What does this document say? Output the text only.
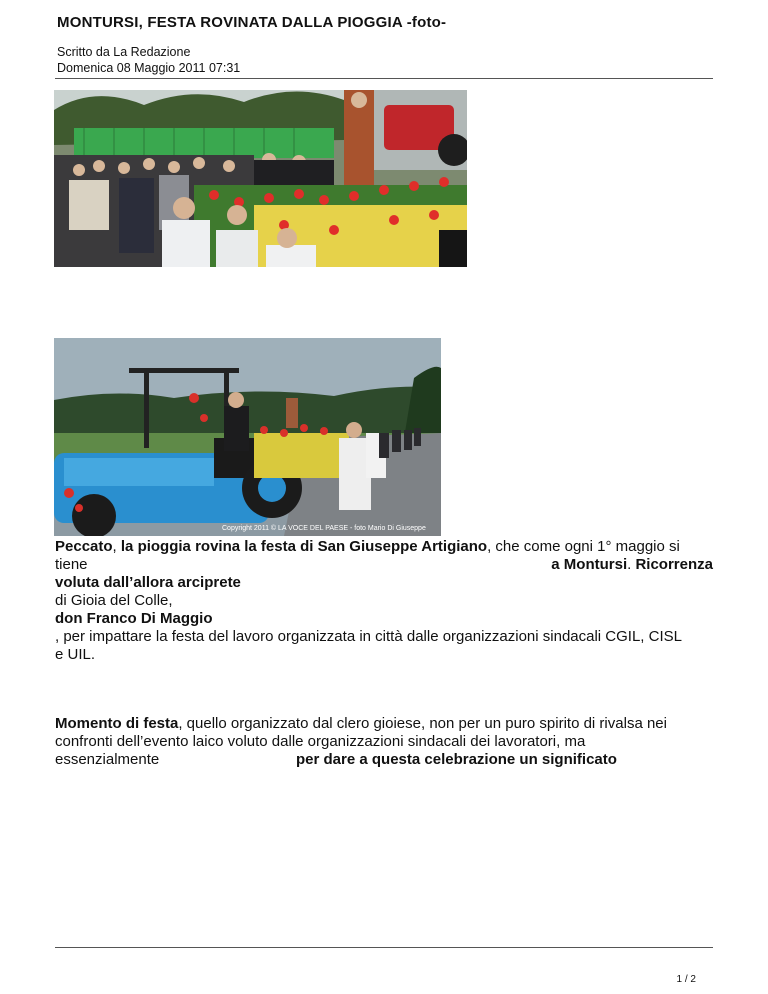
MONTURSI, FESTA ROVINATA DALLA PIOGGIA -foto-
Scritto da La Redazione
Domenica 08 Maggio 2011 07:31
Copyright 2011 © LA VOCE DEL PAESE - foto Mario Di Giuseppe
Peccato, la pioggia rovina la festa di San Giuseppe Artigiano, che come ogni 1° maggio si
tiene	a Montursi. Ricorrenza
voluta dall’allora arciprete
di Gioia del Colle,
don Franco Di Maggio
, per impattare la festa del lavoro organizzata in città dalle organizzazioni sindacali CGIL, CISL
e UIL.
Momento di festa, quello organizzato dal clero gioiese, non per un puro spirito di rivalsa nei
confronti dell’evento laico voluto dalle organizzazioni sindacali dei lavoratori, ma
essenzialmente	per dare a questa celebrazione un significato
1 / 2
